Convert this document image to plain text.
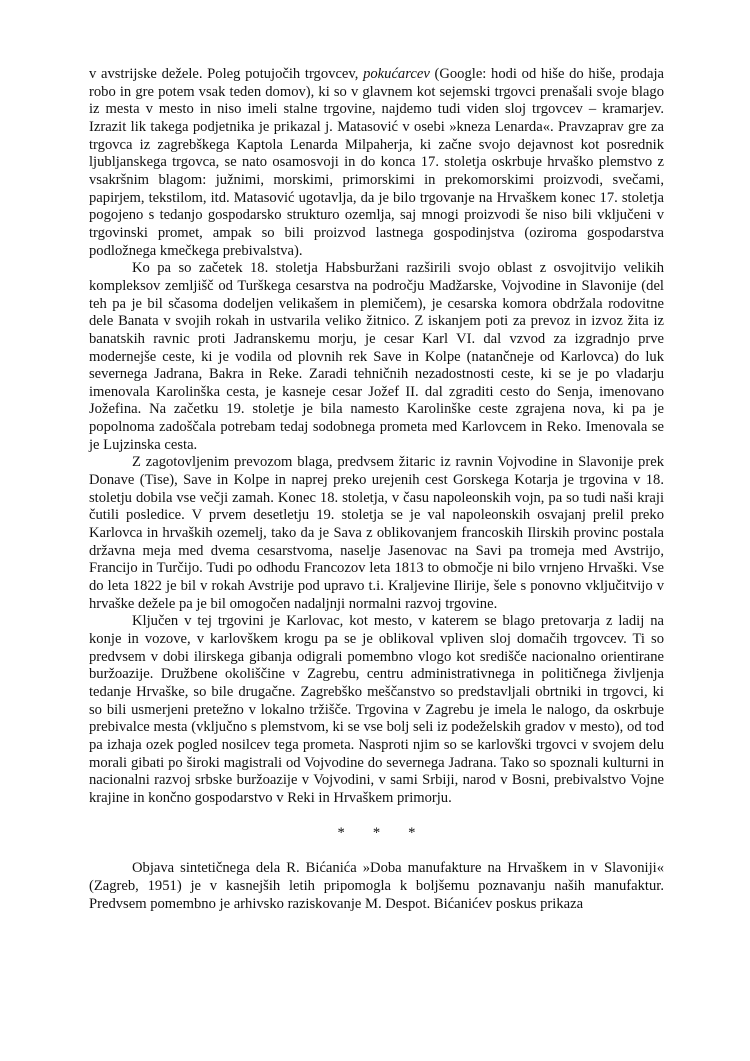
v avstrijske dežele. Poleg potujočih trgovcev, pokućarcev (Google: hodi od hiše do hiše, prodaja robo in gre potem vsak teden domov), ki so v glavnem kot sejemski trgovci prenašali svoje blago iz mesta v mesto in niso imeli stalne trgovine, najdemo tudi viden sloj trgovcev – kramarjev. Izrazit lik takega podjetnika je prikazal j. Matasović v osebi »kneza Lenarda«. Pravzaprav gre za trgovca iz zagrebškega Kaptola Lenarda Milpaherja, ki začne svojo dejavnost kot posrednik ljubljanskega trgovca, se nato osamosvoji in do konca 17. stoletja oskrbuje hrvaško plemstvo z vsakršnim blagom: južnimi, morskimi, primorskimi in prekomorskimi proizvodi, svečami, papirjem, tekstilom, itd. Matasović ugotavlja, da je bilo trgovanje na Hrvaškem konec 17. stoletja pogojeno s tedanjo gospodarsko strukturo ozemlja, saj mnogi proizvodi še niso bili vključeni v trgovinski promet, ampak so bili proizvod lastnega gospodinjstva (oziroma gospodarstva podložnega kmečkega prebivalstva).

Ko pa so začetek 18. stoletja Habsburžani razširili svojo oblast z osvojitvijo velikih kompleksov zemljišč od Turškega cesarstva na področju Madžarske, Vojvodine in Slavonije (del teh pa je bil sčasoma dodeljen velikašem in plemičem), je cesarska komora obdržala rodovitne dele Banata v svojih rokah in ustvarila veliko žitnico. Z iskanjem poti za prevoz in izvoz žita iz banatskih ravnic proti Jadranskemu morju, je cesar Karl VI. dal vzvod za izgradnjo prve modernejše ceste, ki je vodila od plovnih rek Save in Kolpe (natančneje od Karlovca) do luk severnega Jadrana, Bakra in Reke. Zaradi tehničnih nezadostnosti ceste, ki se je po vladarju imenovala Karolinška cesta, je kasneje cesar Jožef II. dal zgraditi cesto do Senja, imenovano Jožefina. Na začetku 19. stoletje je bila namesto Karolinške ceste zgrajena nova, ki pa je popolnoma zadoščala potrebam tedaj sodobnega prometa med Karlovcem in Reko. Imenovala se je Lujzinska cesta.

Z zagotovljenim prevozom blaga, predvsem žitaric iz ravnin Vojvodine in Slavonije prek Donave (Tise), Save in Kolpe in naprej preko urejenih cest Gorskega Kotarja je trgovina v 18. stoletju dobila vse večji zamah. Konec 18. stoletja, v času napoleonskih vojn, pa so tudi naši kraji čutili posledice. V prvem desetletju 19. stoletja se je val napoleonskih osvajanj prelil preko Karlovca in hrvaških ozemelj, tako da je Sava z oblikovanjem francoskih Ilirskih provinc postala državna meja med dvema cesarstvoma, naselje Jasenovac na Savi pa tromeja med Avstrijo, Francijo in Turčijo. Tudi po odhodu Francozov leta 1813 to območje ni bilo vrnjeno Hrvaški. Vse do leta 1822 je bil v rokah Avstrije pod upravo t.i. Kraljevine Ilirije, šele s ponovno vključitvijo v hrvaške dežele pa je bil omogočen nadaljnji normalni razvoj trgovine.

Ključen v tej trgovini je Karlovac, kot mesto, v katerem se blago pretovarja z ladij na konje in vozove, v karlovškem krogu pa se je oblikoval vpliven sloj domačih trgovcev. Ti so predvsem v dobi ilirskega gibanja odigrali pomembno vlogo kot središče nacionalno orientirane buržoazije. Družbene okoliščine v Zagrebu, centru administrativnega in političnega življenja tedanje Hrvaške, so bile drugačne. Zagrebško meščanstvo so predstavljali obrtniki in trgovci, ki so bili usmerjeni pretežno v lokalno tržišče. Trgovina v Zagrebu je imela le nalogo, da oskrbuje prebivalce mesta (vključno s plemstvom, ki se vse bolj seli iz podeželskih gradov v mesto), od tod pa izhaja ozek pogled nosilcev tega prometa. Nasproti njim so se karlovški trgovci v svojem delu morali gibati po široki magistrali od Vojvodine do severnega Jadrana. Tako so spoznali kulturni in nacionalni razvoj srbske buržoazije v Vojvodini, v sami Srbiji, narod v Bosni, prebivalstvo Vojne krajine in končno gospodarstvo v Reki in Hrvaškem primorju.

* * *

Objava sintetičnega dela R. Bićanića »Doba manufakture na Hrvaškem in v Slavoniji« (Zagreb, 1951) je v kasnejših letih pripomogla k boljšemu poznavanju naših manufaktur. Predvsem pomembno je arhivsko raziskovanje M. Despot. Bićanićev poskus prikaza
